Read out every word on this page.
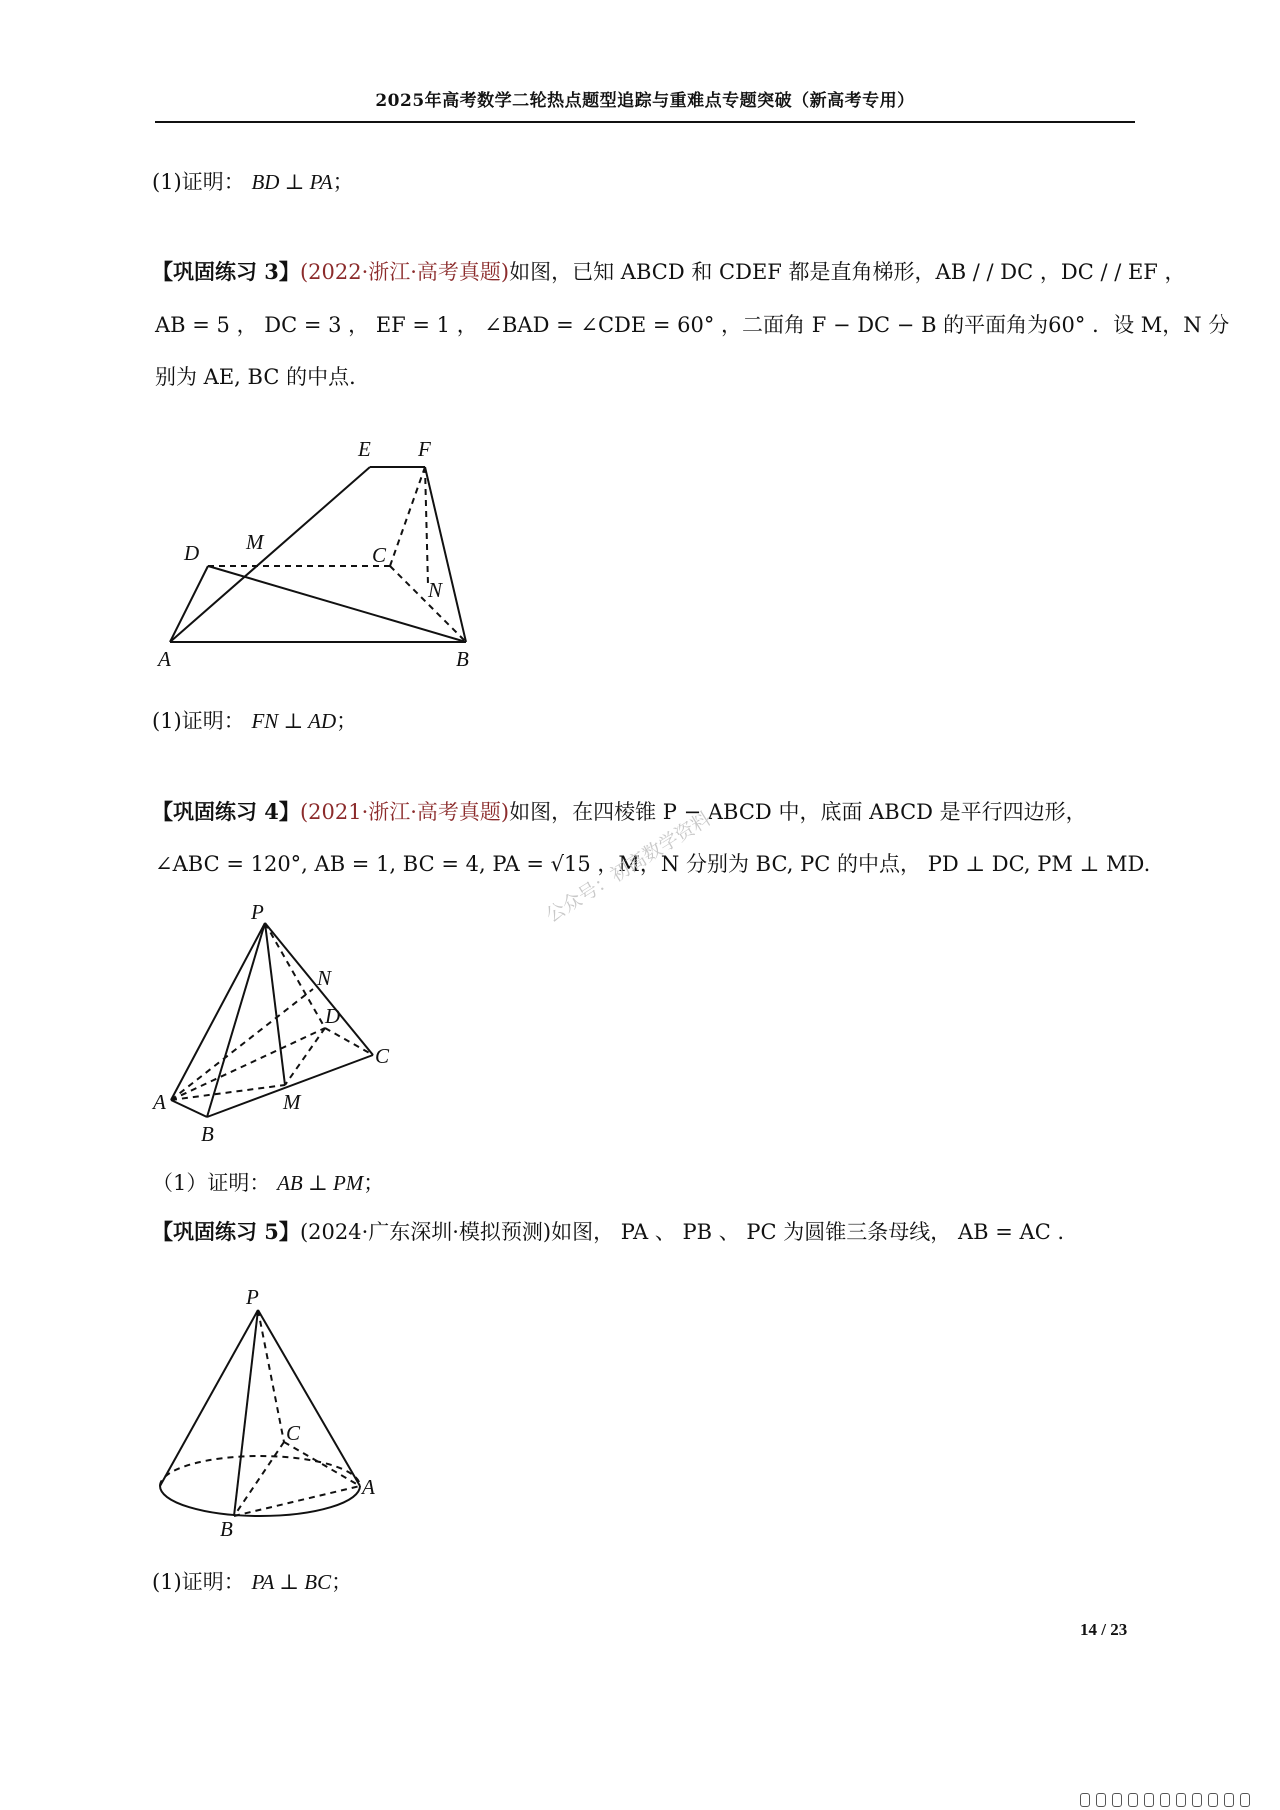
2025年高考数学二轮热点题型追踪与重难点专题突破（新高考专用）
(1)证明： BD ⊥ PA；
【巩固练习 3】(2022·浙江·高考真题)如图，已知 ABCD 和 CDEF 都是直角梯形，AB / / DC ，DC / / EF ，
AB = 5 ， DC = 3 ， EF = 1 ， ∠BAD = ∠CDE = 60° ，二面角 F − DC − B 的平面角为60° ．设 M，N 分
别为 AE, BC 的中点．
E F
D M
C
N
A	B
(1)证明： FN ⊥ AD；
【巩固练习 4】(2021·浙江·高考真题)如图，在四棱锥 P − ABCD 中，底面 ABCD 是平行四边形，
∠ABC = 120°, AB = 1, BC = 4, PA = √15 ，M，N 分别为 BC, PC 的中点， PD ⊥ DC, PM ⊥ MD.
公众号：初高数学资料
P
N
D
C
A	M
B
（1）证明： AB ⊥ PM；
【巩固练习 5】(2024·广东深圳·模拟预测)如图， PA 、 PB 、 PC 为圆锥三条母线， AB = AC .
P
C
A
B
(1)证明： PA ⊥ BC；
14 / 23
